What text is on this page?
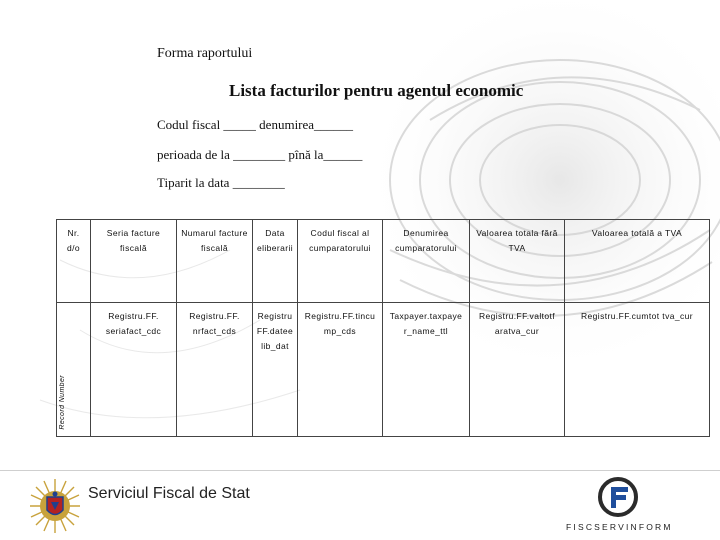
Forma raportului
Lista facturilor pentru agentul economic
Codul fiscal _____ denumirea______
perioada de la ________ pînă la______
Tiparit la data ________
Nr. d/o	Seria facture fiscală	Numarul facture fiscală	Data eliberarii	Codul fiscal al cumparatorului	Denumirea cumparatorului	Valoarea totala fără TVA	Valoarea totală a TVA

Record Number	Registru.FF. seriafact_cdc	Registru.FF. nrfact_cds	Registru FF.datee lib_dat	Registru.FF.tincu mp_cds	Taxpayer.taxpaye r_name_ttl	Registru.FF.valtotf aratva_cur	Registru.FF.cumtot tva_cur
Serviciul Fiscal de Stat
FISCSERVINFORM
